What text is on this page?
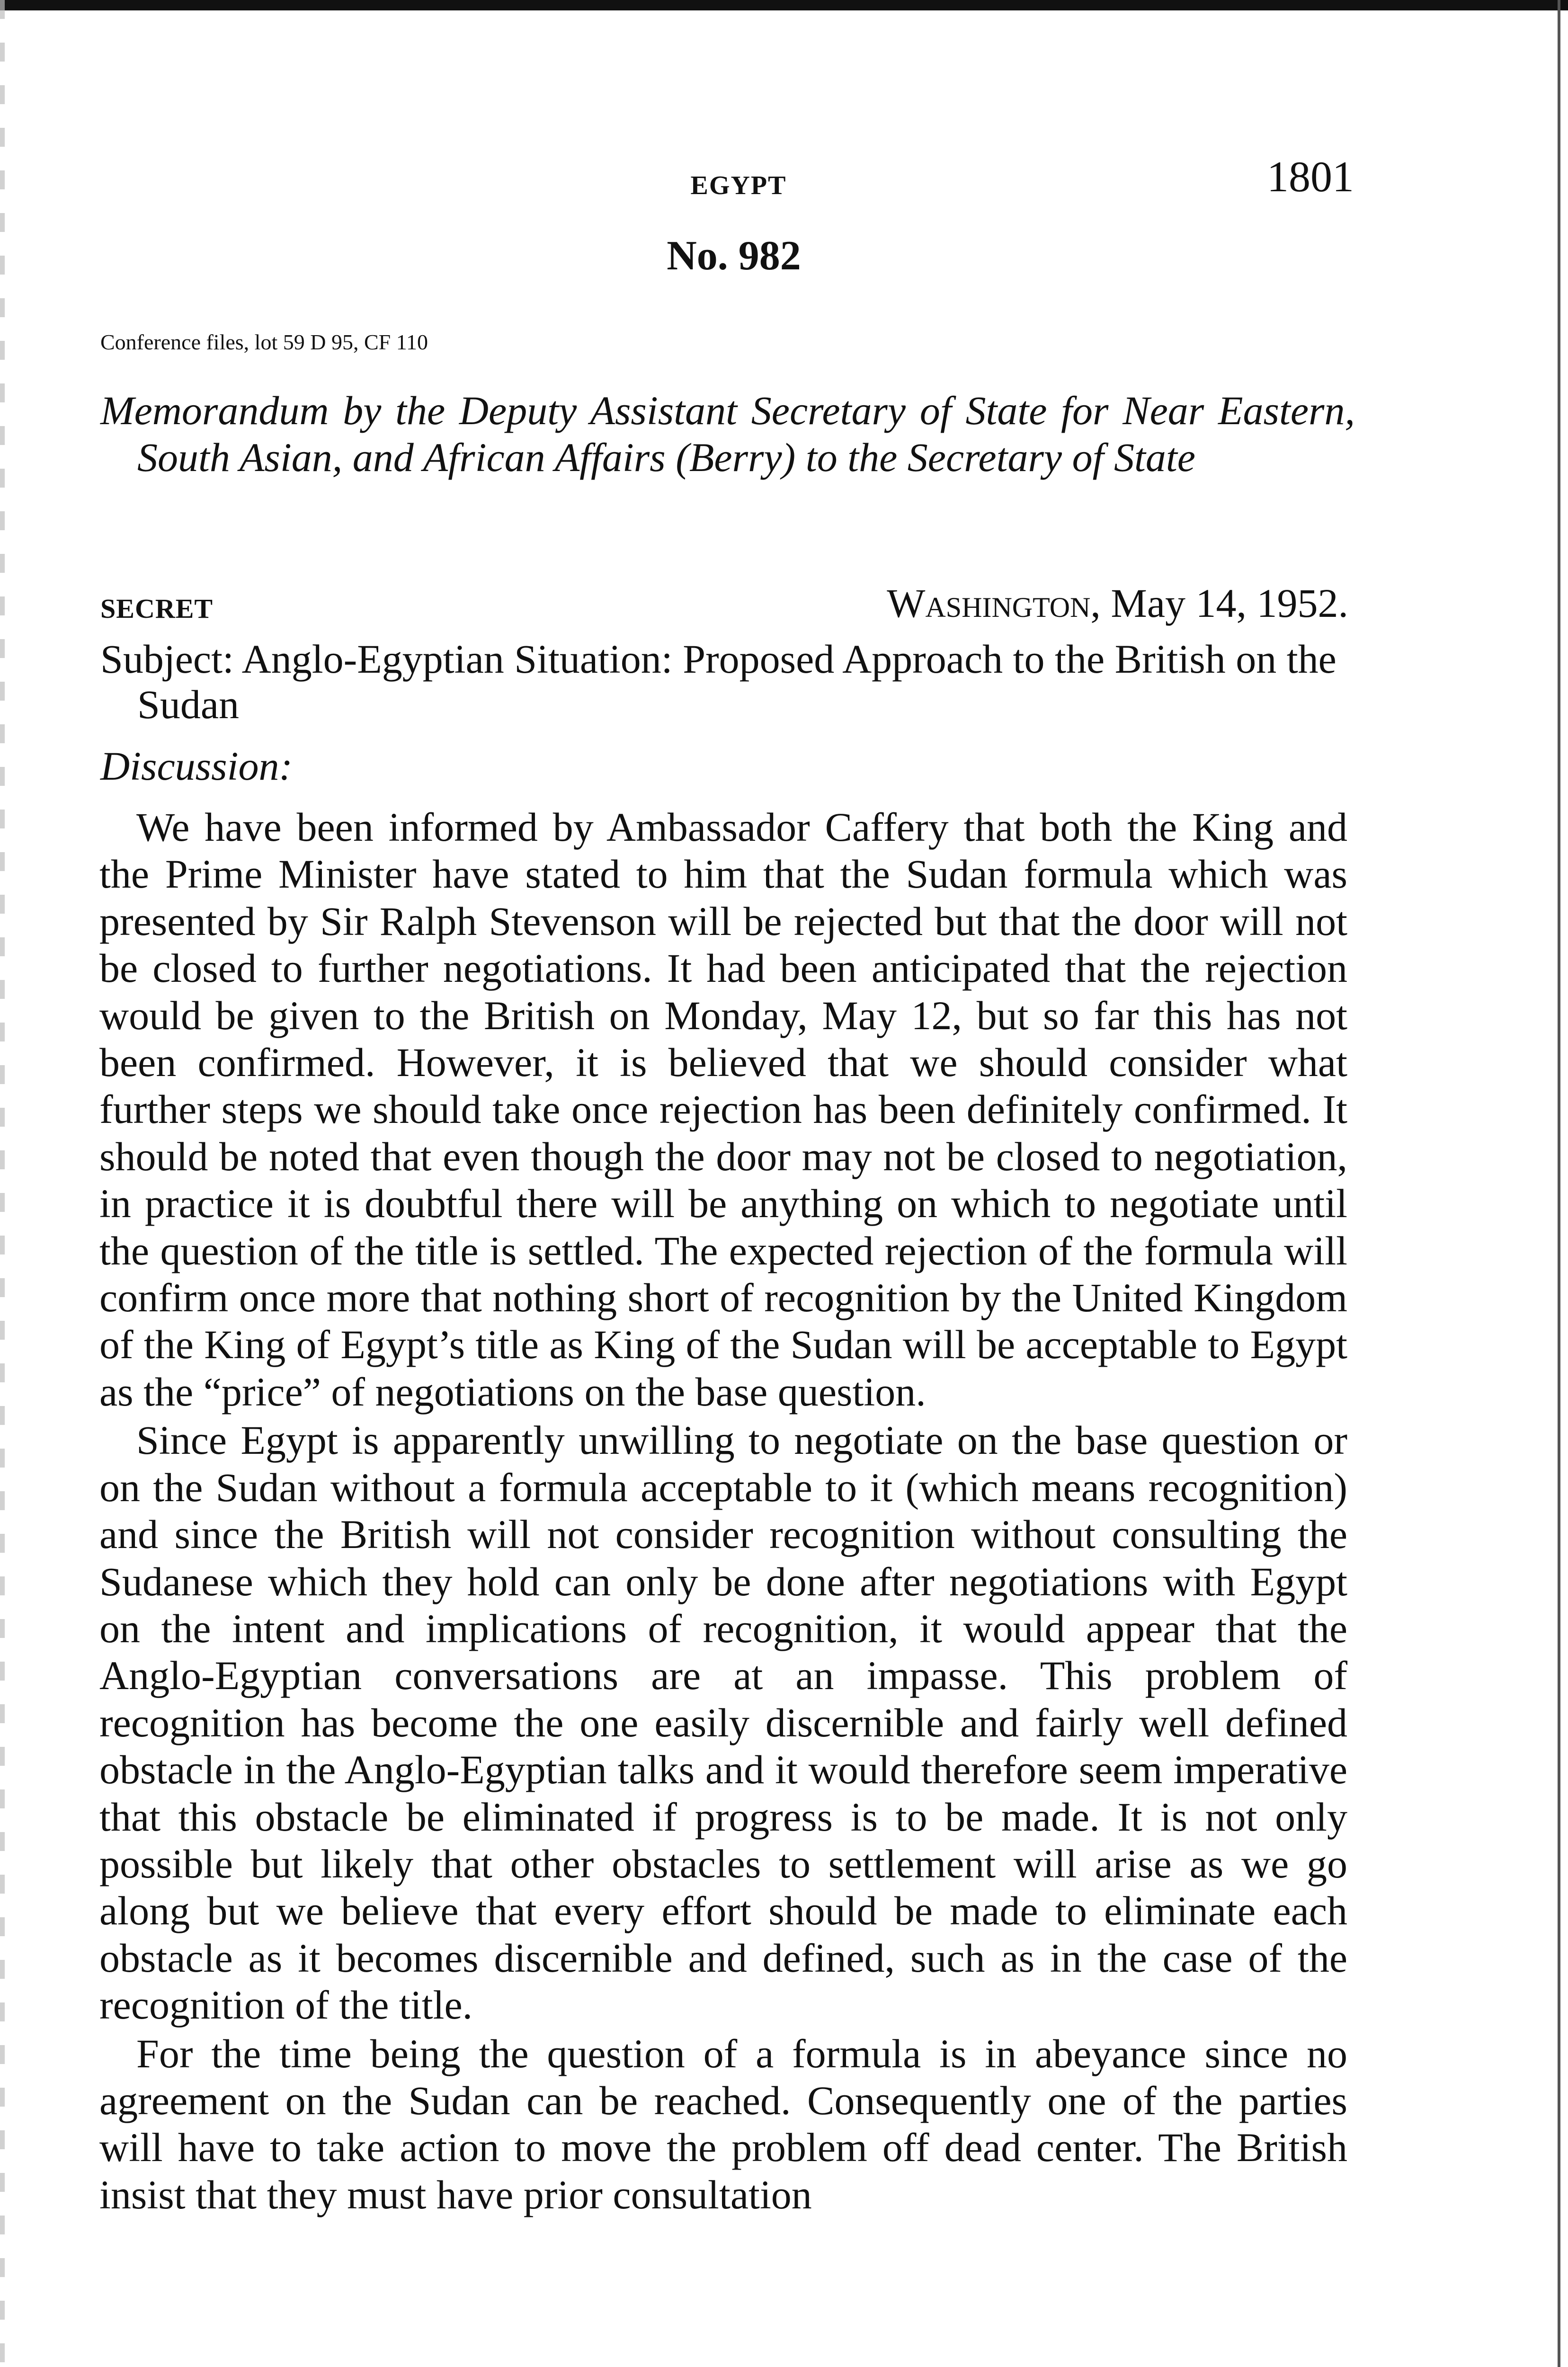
EGYPT	1801
No. 982
Conference files, lot 59 D 95, CF 110
Memorandum by the Deputy Assistant Secretary of State for Near Eastern, South Asian, and African Affairs (Berry) to the Secretary of State
SECRET	Washington, May 14, 1952.
Subject: Anglo-Egyptian Situation: Proposed Approach to the British on the Sudan
Discussion:

We have been informed by Ambassador Caffery that both the King and the Prime Minister have stated to him that the Sudan formula which was presented by Sir Ralph Stevenson will be rejected but that the door will not be closed to further negotiations. It had been anticipated that the rejection would be given to the British on Monday, May 12, but so far this has not been confirmed. However, it is believed that we should consider what further steps we should take once rejection has been definitely confirmed. It should be noted that even though the door may not be closed to negotiation, in practice it is doubtful there will be anything on which to negotiate until the question of the title is settled. The expected rejection of the formula will confirm once more that nothing short of recognition by the United Kingdom of the King of Egypt’s title as King of the Sudan will be acceptable to Egypt as the “price” of negotiations on the base question.

Since Egypt is apparently unwilling to negotiate on the base question or on the Sudan without a formula acceptable to it (which means recognition) and since the British will not consider recognition without consulting the Sudanese which they hold can only be done after negotiations with Egypt on the intent and implications of recognition, it would appear that the Anglo-Egyptian conversations are at an impasse. This problem of recognition has become the one easily discernible and fairly well defined obstacle in the Anglo-Egyptian talks and it would therefore seem imperative that this obstacle be eliminated if progress is to be made. It is not only possible but likely that other obstacles to settlement will arise as we go along but we believe that every effort should be made to eliminate each obstacle as it becomes discernible and defined, such as in the case of the recognition of the title.

For the time being the question of a formula is in abeyance since no agreement on the Sudan can be reached. Consequently one of the parties will have to take action to move the problem off dead center. The British insist that they must have prior consultation
